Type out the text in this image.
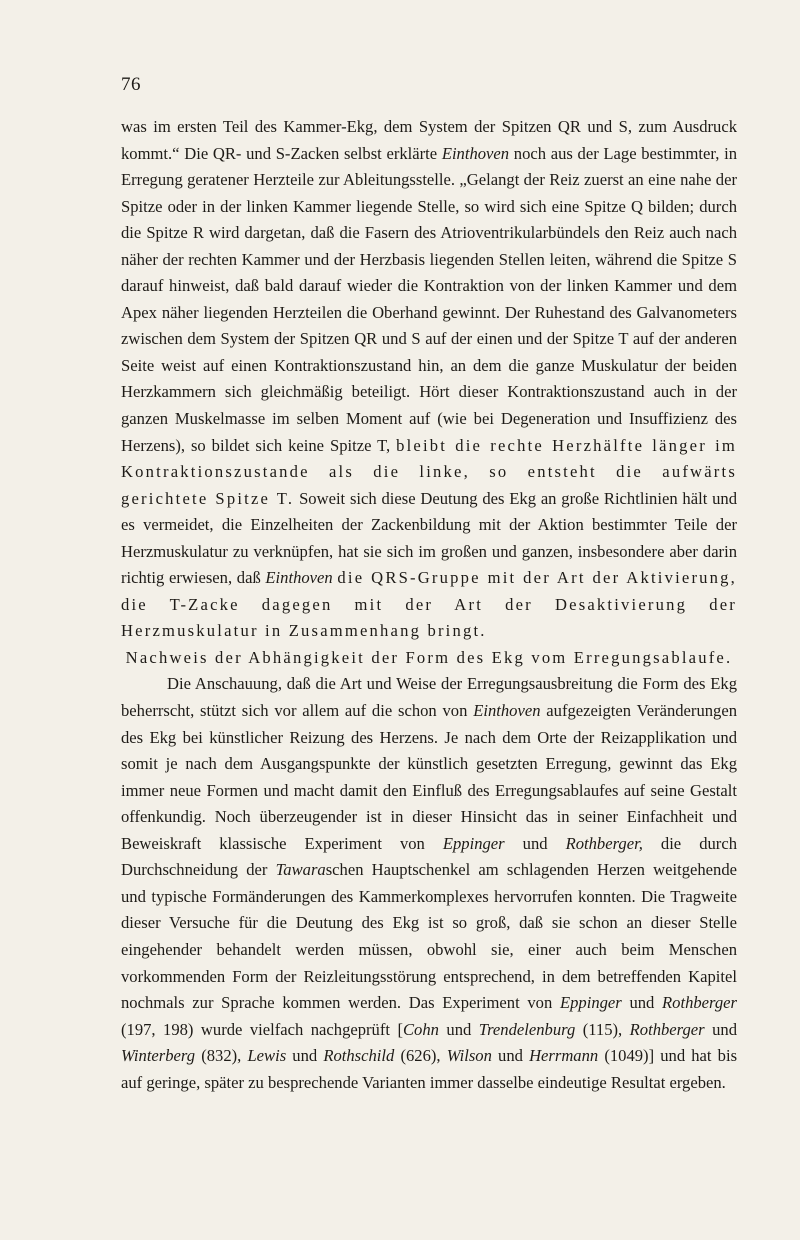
76

was im ersten Teil des Kammer-Ekg, dem System der Spitzen QR und S, zum Ausdruck kommt.“ Die QR- und S-Zacken selbst erklärte Einthoven noch aus der Lage bestimmter, in Erregung geratener Herzteile zur Ableitungsstelle. „Gelangt der Reiz zuerst an eine nahe der Spitze oder in der linken Kammer liegende Stelle, so wird sich eine Spitze Q bilden; durch die Spitze R wird dargetan, daß die Fasern des Atrioventrikularbündels den Reiz auch nach näher der rechten Kammer und der Herzbasis liegenden Stellen leiten, während die Spitze S darauf hinweist, daß bald darauf wieder die Kontraktion von der linken Kammer und dem Apex näher liegenden Herzteilen die Oberhand gewinnt. Der Ruhestand des Galvanometers zwischen dem System der Spitzen QR und S auf der einen und der Spitze T auf der anderen Seite weist auf einen Kontraktionszustand hin, an dem die ganze Muskulatur der beiden Herzkammern sich gleichmäßig beteiligt. Hört dieser Kontraktionszustand auch in der ganzen Muskelmasse im selben Moment auf (wie bei Degeneration und Insuffizienz des Herzens), so bildet sich keine Spitze T, bleibt die rechte Herzhälfte länger im Kontraktionszustande als die linke, so entsteht die aufwärts gerichtete Spitze T. Soweit sich diese Deutung des Ekg an große Richtlinien hält und es vermeidet, die Einzelheiten der Zackenbildung mit der Aktion bestimmter Teile der Herzmuskulatur zu verknüpfen, hat sie sich im großen und ganzen, insbesondere aber darin richtig erwiesen, daß Einthoven die QRS-Gruppe mit der Art der Aktivierung, die T-Zacke dagegen mit der Art der Desaktivierung der Herzmuskulatur in Zusammenhang bringt.

Nachweis der Abhängigkeit der Form des Ekg vom Erregungsablaufe.

Die Anschauung, daß die Art und Weise der Erregungsausbreitung die Form des Ekg beherrscht, stützt sich vor allem auf die schon von Einthoven aufgezeigten Veränderungen des Ekg bei künstlicher Reizung des Herzens. Je nach dem Orte der Reizapplikation und somit je nach dem Ausgangspunkte der künstlich gesetzten Erregung, gewinnt das Ekg immer neue Formen und macht damit den Einfluß des Erregungsablaufes auf seine Gestalt offenkundig. Noch überzeugender ist in dieser Hinsicht das in seiner Einfachheit und Beweiskraft klassische Experiment von Eppinger und Rothberger, die durch Durchschneidung der Tawaraschen Hauptschenkel am schlagenden Herzen weitgehende und typische Formänderungen des Kammerkomplexes hervorrufen konnten. Die Tragweite dieser Versuche für die Deutung des Ekg ist so groß, daß sie schon an dieser Stelle eingehender behandelt werden müssen, obwohl sie, einer auch beim Menschen vorkommenden Form der Reizleitungsstörung entsprechend, in dem betreffenden Kapitel nochmals zur Sprache kommen werden. Das Experiment von Eppinger und Rothberger (197, 198) wurde vielfach nachgeprüft [Cohn und Trendelenburg (115), Rothberger und Winterberg (832), Lewis und Rothschild (626), Wilson und Herrmann (1049)] und hat bis auf geringe, später zu besprechende Varianten immer dasselbe eindeutige Resultat ergeben.
